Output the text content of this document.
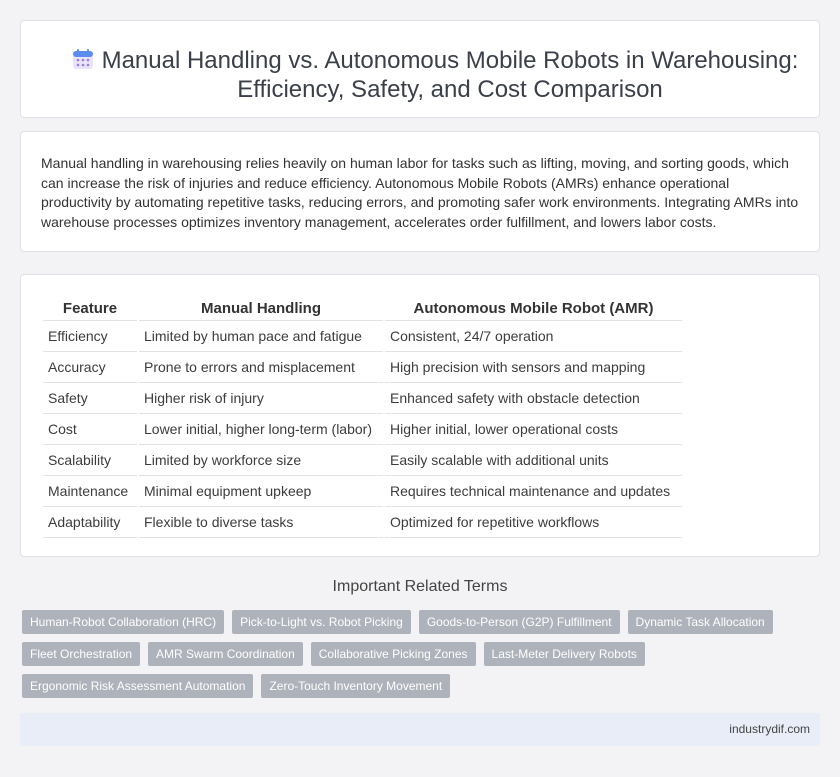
Manual Handling vs. Autonomous Mobile Robots in Warehousing: Efficiency, Safety, and Cost Comparison

Manual handling in warehousing relies heavily on human labor for tasks such as lifting, moving, and sorting goods, which can increase the risk of injuries and reduce efficiency. Autonomous Mobile Robots (AMRs) enhance operational productivity by automating repetitive tasks, reducing errors, and promoting safer work environments. Integrating AMRs into warehouse processes optimizes inventory management, accelerates order fulfillment, and lowers labor costs.

Feature	Manual Handling	Autonomous Mobile Robot (AMR)
Efficiency	Limited by human pace and fatigue	Consistent, 24/7 operation
Accuracy	Prone to errors and misplacement	High precision with sensors and mapping
Safety	Higher risk of injury	Enhanced safety with obstacle detection
Cost	Lower initial, higher long-term (labor)	Higher initial, lower operational costs
Scalability	Limited by workforce size	Easily scalable with additional units
Maintenance	Minimal equipment upkeep	Requires technical maintenance and updates
Adaptability	Flexible to diverse tasks	Optimized for repetitive workflows
Important Related Terms
Human-Robot Collaboration (HRC)	Pick-to-Light vs. Robot Picking	Goods-to-Person (G2P) Fulfillment	Dynamic Task Allocation
Fleet Orchestration	AMR Swarm Coordination	Collaborative Picking Zones	Last-Meter Delivery Robots
Ergonomic Risk Assessment Automation	Zero-Touch Inventory Movement
industrydif.com
